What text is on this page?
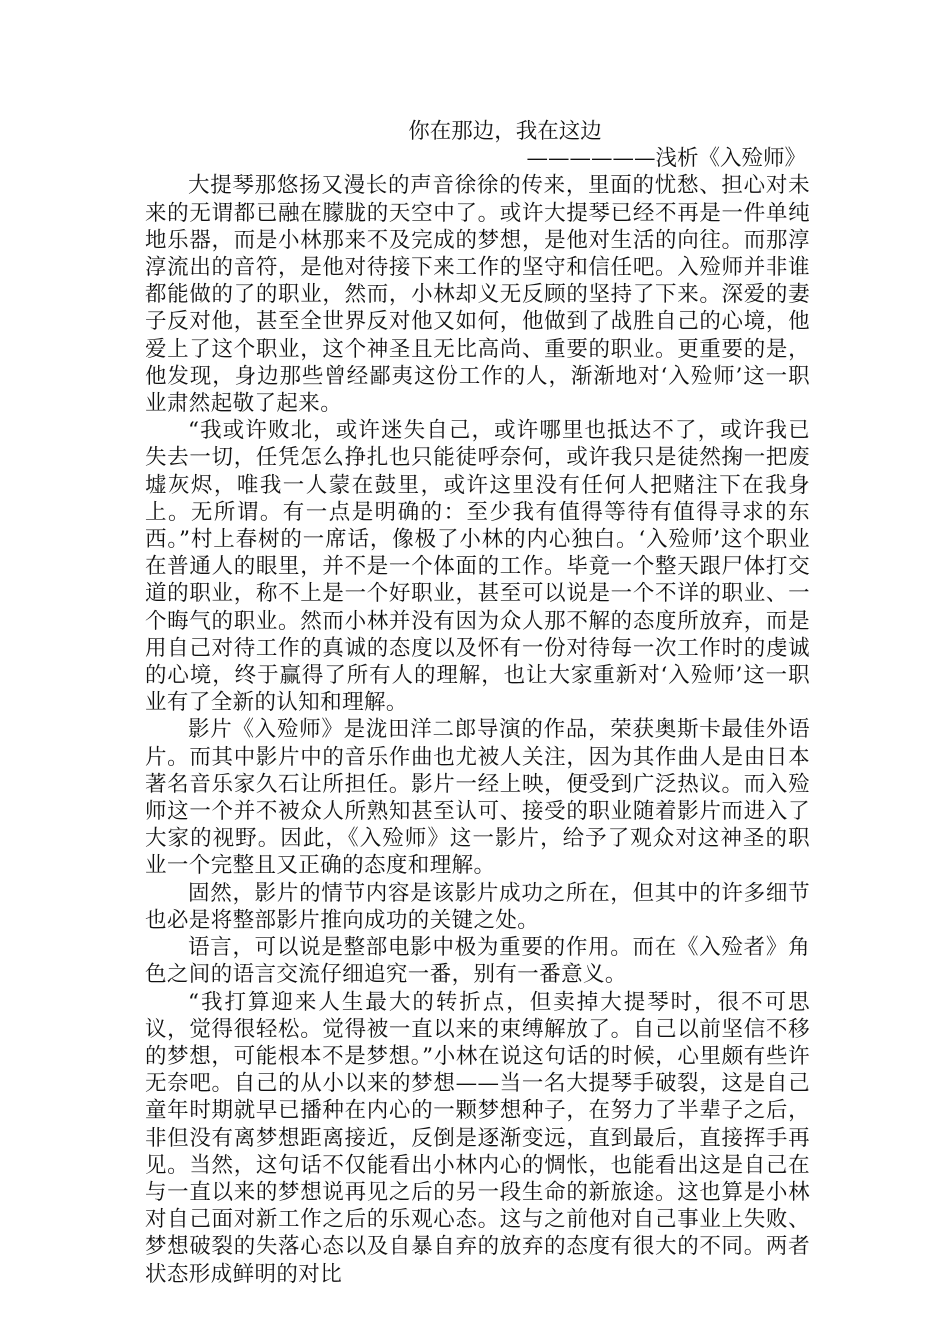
你在那边，我在这边

——————浅析《入殓师》

大提琴那悠扬又漫长的声音徐徐的传来，里面的忧愁、担心对未来的无谓都已融在朦胧的天空中了。或许大提琴已经不再是一件单纯地乐器，而是小林那来不及完成的梦想，是他对生活的向往。而那淳淳流出的音符，是他对待接下来工作的坚守和信任吧。入殓师并非谁都能做的了的职业，然而，小林却义无反顾的坚持了下来。深爱的妻子反对他，甚至全世界反对他又如何，他做到了战胜自己的心境，他爱上了这个职业，这个神圣且无比高尚、重要的职业。更重要的是，他发现，身边那些曾经鄙夷这份工作的人，渐渐地对‘入殓师’这一职业肃然起敬了起来。

“我或许败北，或许迷失自己，或许哪里也抵达不了，或许我已失去一切，任凭怎么挣扎也只能徒呼奈何，或许我只是徒然掬一把废墟灰烬，唯我一人蒙在鼓里，或许这里没有任何人把赌注下在我身上。无所谓。有一点是明确的：至少我有值得等待有值得寻求的东西。”村上春树的一席话，像极了小林的内心独白。‘入殓师’这个职业在普通人的眼里，并不是一个体面的工作。毕竟一个整天跟尸体打交道的职业，称不上是一个好职业，甚至可以说是一个不详的职业、一个晦气的职业。然而小林并没有因为众人那不解的态度所放弃，而是用自己对待工作的真诚的态度以及怀有一份对待每一次工作时的虔诚的心境，终于赢得了所有人的理解，也让大家重新对‘入殓师’这一职业有了全新的认知和理解。

影片《入殓师》是泷田洋二郎导演的作品，荣获奥斯卡最佳外语片。而其中影片中的音乐作曲也尤被人关注，因为其作曲人是由日本著名音乐家久石让所担任。影片一经上映，便受到广泛热议。而入殓师这一个并不被众人所熟知甚至认可、接受的职业随着影片而进入了大家的视野。因此，《入殓师》这一影片，给予了观众对这神圣的职业一个完整且又正确的态度和理解。

固然，影片的情节内容是该影片成功之所在，但其中的许多细节也必是将整部影片推向成功的关键之处。

语言，可以说是整部电影中极为重要的作用。而在《入殓者》角色之间的语言交流仔细追究一番，别有一番意义。

“我打算迎来人生最大的转折点，但卖掉大提琴时，很不可思议，觉得很轻松。觉得被一直以来的束缚解放了。自己以前坚信不移的梦想，可能根本不是梦想。”小林在说这句话的时候，心里颇有些许无奈吧。自己的从小以来的梦想——当一名大提琴手破裂，这是自己童年时期就早已播种在内心的一颗梦想种子，在努力了半辈子之后，非但没有离梦想距离接近，反倒是逐渐变远，直到最后，直接挥手再见。当然，这句话不仅能看出小林内心的惆怅，也能看出这是自己在与一直以来的梦想说再见之后的另一段生命的新旅途。这也算是小林对自己面对新工作之后的乐观心态。这与之前他对自己事业上失败、梦想破裂的失落心态以及自暴自弃的放弃的态度有很大的不同。两者状态形成鲜明的对比
